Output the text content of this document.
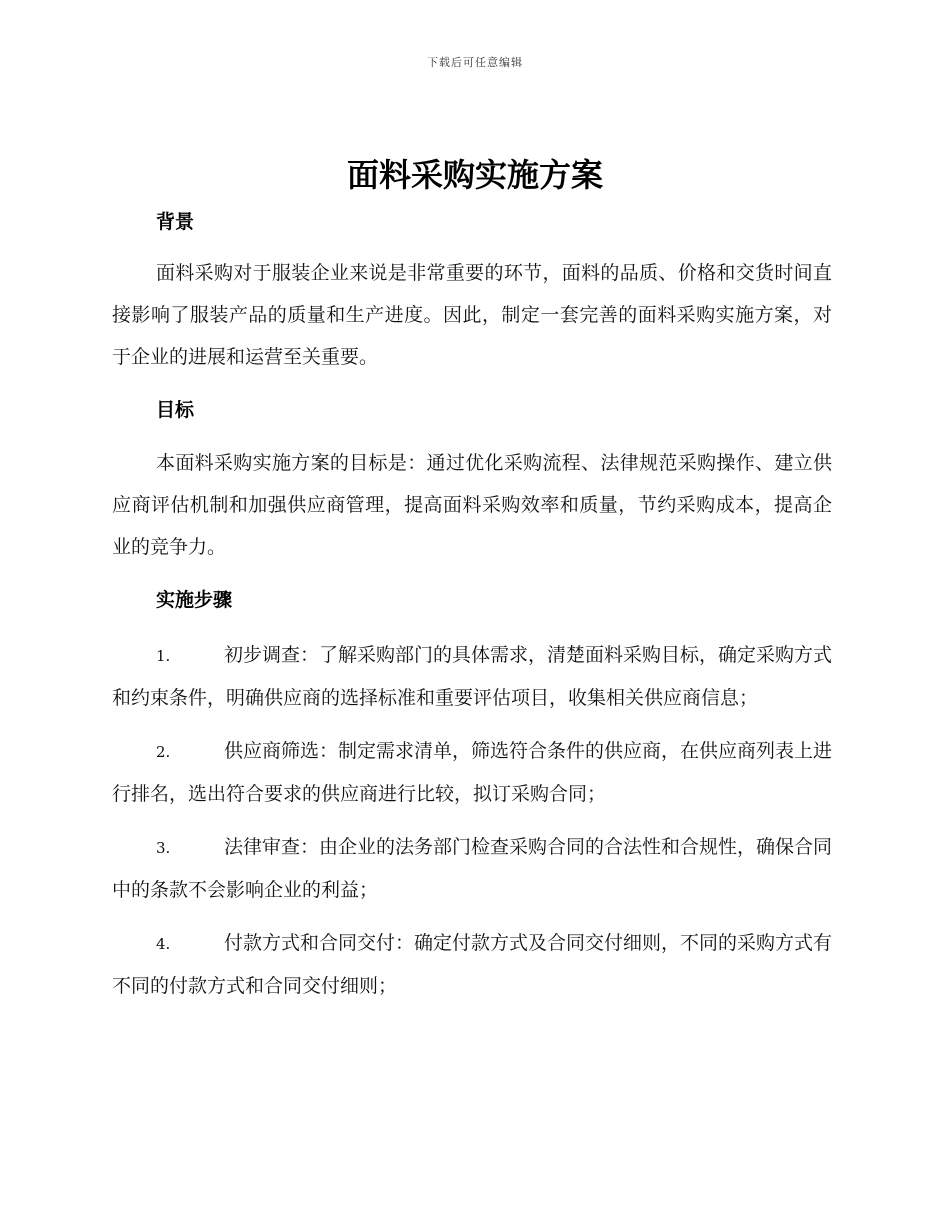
下载后可任意编辑
面料采购实施方案
背景

面料采购对于服装企业来说是非常重要的环节，面料的品质、价格和交货时间直接影响了服装产品的质量和生产进度。因此，制定一套完善的面料采购实施方案，对于企业的进展和运营至关重要。

目标

本面料采购实施方案的目标是：通过优化采购流程、法律规范采购操作、建立供应商评估机制和加强供应商管理，提高面料采购效率和质量，节约采购成本，提高企业的竞争力。

实施步骤

1.	初步调查：了解采购部门的具体需求，清楚面料采购目标，确定采购方式和约束条件，明确供应商的选择标准和重要评估项目，收集相关供应商信息；

2.	供应商筛选：制定需求清单，筛选符合条件的供应商，在供应商列表上进行排名，选出符合要求的供应商进行比较，拟订采购合同；

3.	法律审查：由企业的法务部门检查采购合同的合法性和合规性，确保合同中的条款不会影响企业的利益；

4.	付款方式和合同交付：确定付款方式及合同交付细则，不同的采购方式有不同的付款方式和合同交付细则；
